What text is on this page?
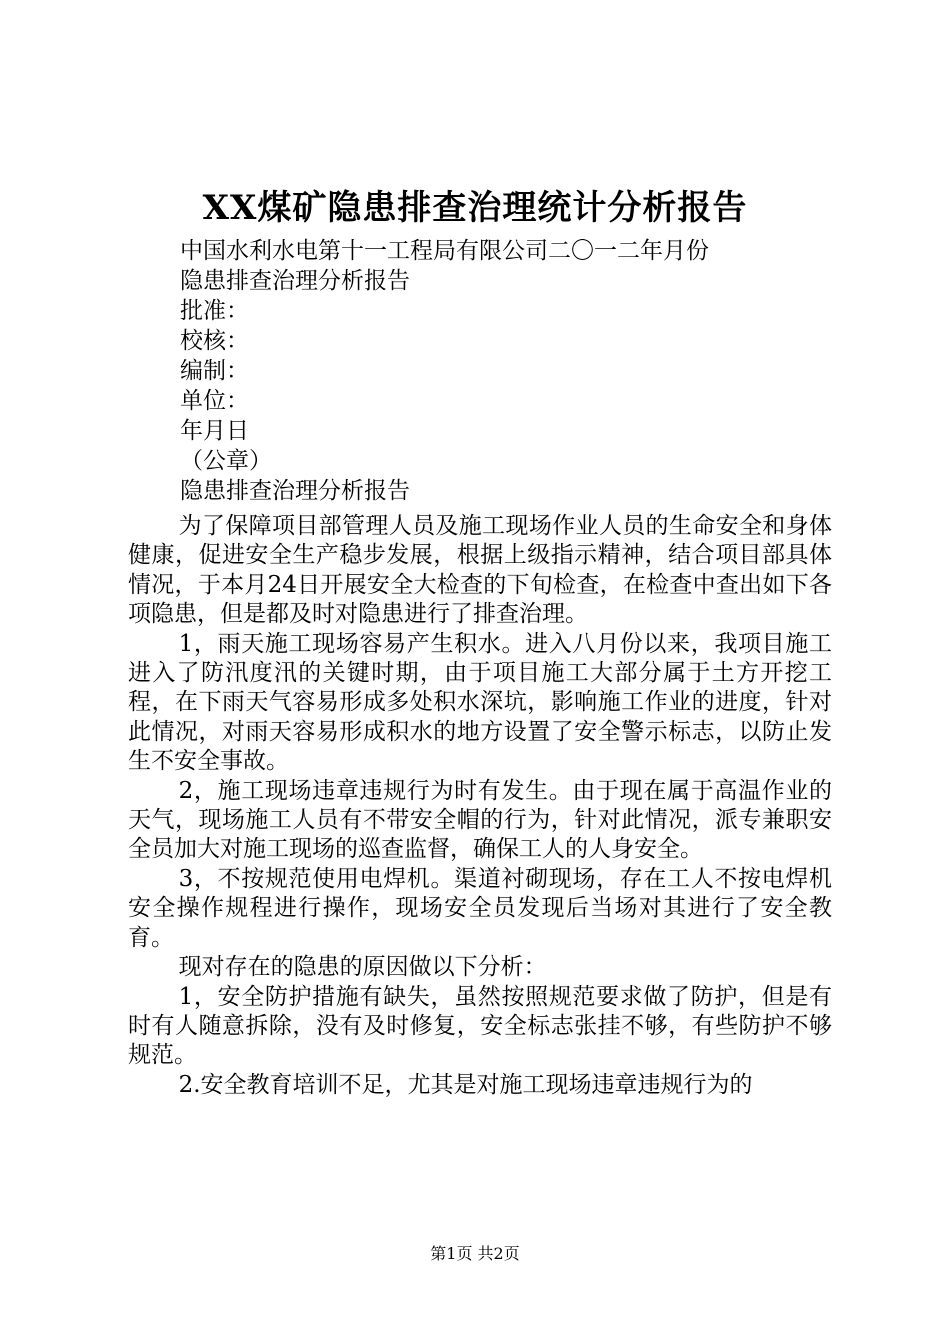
XX煤矿隐患排查治理统计分析报告
中国水利水电第十一工程局有限公司二〇一二年月份
隐患排查治理分析报告
批准：
校核：
编制：
单位：
年月日
（公章）
隐患排查治理分析报告

为了保障项目部管理人员及施工现场作业人员的生命安全和身体健康，促进安全生产稳步发展，根据上级指示精神，结合项目部具体情况，于本月24日开展安全大检查的下旬检查，在检查中查出如下各项隐患，但是都及时对隐患进行了排查治理。

1，雨天施工现场容易产生积水。进入八月份以来，我项目施工进入了防汛度汛的关键时期，由于项目施工大部分属于土方开挖工程，在下雨天气容易形成多处积水深坑，影响施工作业的进度，针对此情况，对雨天容易形成积水的地方设置了安全警示标志，以防止发生不安全事故。

2，施工现场违章违规行为时有发生。由于现在属于高温作业的天气，现场施工人员有不带安全帽的行为，针对此情况，派专兼职安全员加大对施工现场的巡查监督，确保工人的人身安全。

3，不按规范使用电焊机。渠道衬砌现场，存在工人不按电焊机安全操作规程进行操作，现场安全员发现后当场对其进行了安全教育。

现对存在的隐患的原因做以下分析：

1，安全防护措施有缺失，虽然按照规范要求做了防护，但是有时有人随意拆除，没有及时修复，安全标志张挂不够，有些防护不够规范。

2.安全教育培训不足，尤其是对施工现场违章违规行为的

第1页 共2页
